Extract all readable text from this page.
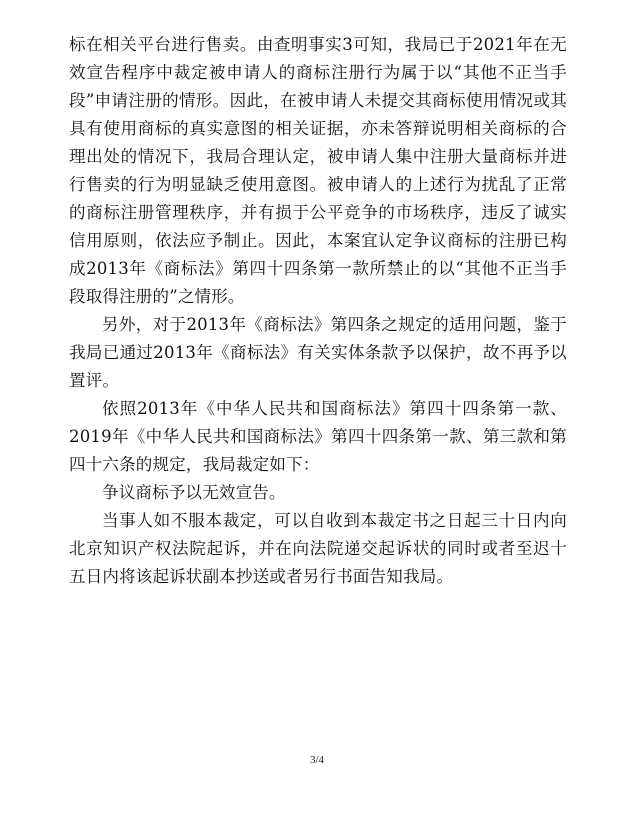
标在相关平台进行售卖。由查明事实3可知，我局已于2021年在无效宣告程序中裁定被申请人的商标注册行为属于以“其他不正当手段”申请注册的情形。因此，在被申请人未提交其商标使用情况或其具有使用商标的真实意图的相关证据，亦未答辩说明相关商标的合理出处的情况下，我局合理认定，被申请人集中注册大量商标并进行售卖的行为明显缺乏使用意图。被申请人的上述行为扰乱了正常的商标注册管理秩序，并有损于公平竞争的市场秩序，违反了诚实信用原则，依法应予制止。因此，本案宜认定争议商标的注册已构成2013年《商标法》第四十四条第一款所禁止的以“其他不正当手段取得注册的”之情形。

另外，对于2013年《商标法》第四条之规定的适用问题，鉴于我局已通过2013年《商标法》有关实体条款予以保护，故不再予以置评。

依照2013年《中华人民共和国商标法》第四十四条第一款、2019年《中华人民共和国商标法》第四十四条第一款、第三款和第四十六条的规定，我局裁定如下：

争议商标予以无效宣告。

当事人如不服本裁定，可以自收到本裁定书之日起三十日内向北京知识产权法院起诉，并在向法院递交起诉状的同时或者至迟十五日内将该起诉状副本抄送或者另行书面告知我局。

3/4
